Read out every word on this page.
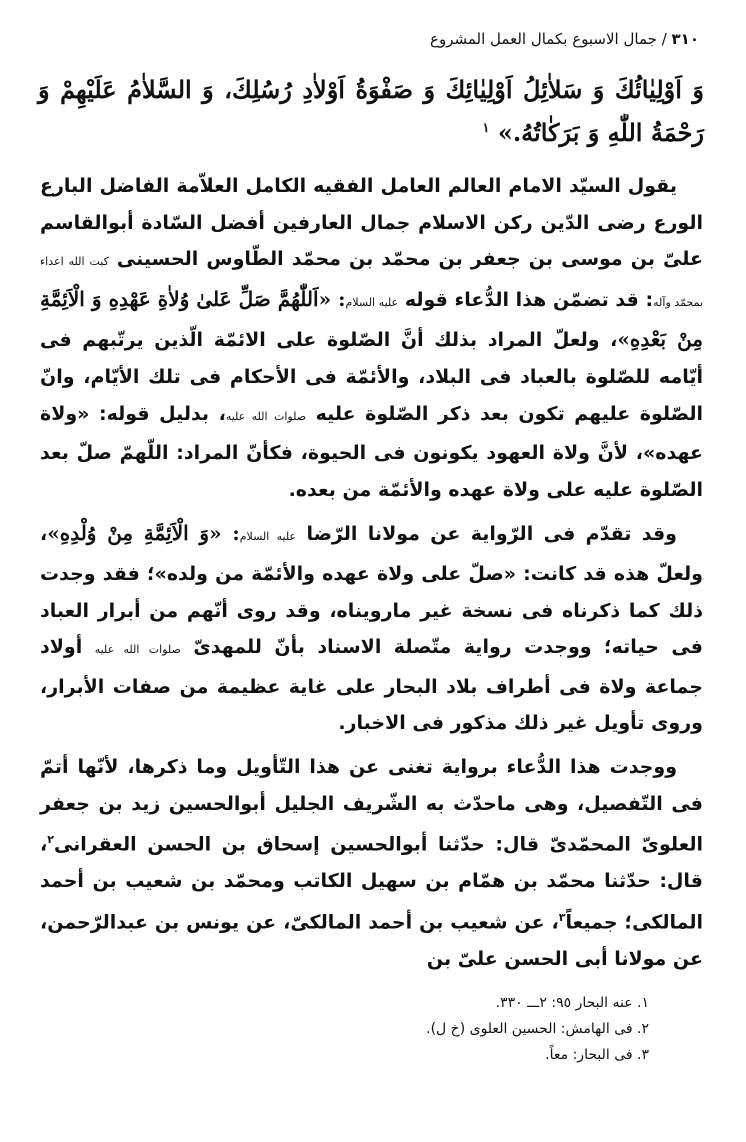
٣١٠ / جمال الاسبوع بكمال العمل المشروع
وَ اَوْلِيٰائُكَ وَ سَلاٰئِلُ اَوْلِيٰائِكَ وَ صَفْوَةُ اَوْلاٰدِ رُسُلِكَ، وَ السَّلاٰمُ عَلَيْهِمْ وَ رَحْمَةُ اللّٰهِ وَ بَرَكٰاتُهُ.» $^١$

يقول السيّد الامام العالم العامل الفقيه الكامل العلاّمة الفاضل البارع الورع رضى الدّين ركن الاسلام جمال العارفين أفضل السّادة أبوالقاسم علىّ بن موسى بن جعفر بن محمّد بن محمّد الطّاوس الحسينى كبت الله اعداء بمحمّد وآله: قد تضمّن هذا الدُّعاء قوله عليه السلام: «اَللّٰهُمَّ صَلِّ عَلىٰ وُلاٰةِ عَهْدِهِ وَ الْاَئِمَّةِ مِنْ بَعْدِهِ»، ولعلّ المراد بذلك أنَّ الصّلوة على الائمّة الّذين يرتّبهم فى أيّامه للصّلوة بالعباد فى البلاد، والأئمّة فى الأحكام فى تلك الأيّام، وانّ الصّلوة عليهم تكون بعد ذكر الصّلوة عليه صلوات الله عليه، بدليل قوله: «ولاة عهده»، لأنَّ ولاة العهود يكونون فى الحيوة، فكأنّ المراد: اللّهمّ صلّ بعد الصّلوة عليه على ولاة عهده والأئمّة من بعده.

وقد تقدّم فى الرّواية عن مولانا الرّضا عليه السلام: «وَ الْاَئِمَّةِ مِنْ وُلْدِهِ»، ولعلّ هذه قد كانت: «صلّ على ولاة عهده والأئمّة من ولده»؛ فقد وجدت ذلك كما ذكرناه فى نسخة غير مارويناه، وقد روى أنّهم من أبرار العباد فى حياته؛ ووجدت رواية متّصلة الاسناد بأنّ للمهدىّ صلوات الله عليه أولاد جماعة ولاة فى أطراف بلاد البحار على غاية عظيمة من صفات الأبرار، وروى تأويل غير ذلك مذكور فى الاخبار.

ووجدت هذا الدُّعاء برواية تغنى عن هذا التّأويل وما ذكرها، لأنّها أتمّ فى التّفصيل، وهى ماحدّث به الشّريف الجليل أبوالحسين زيد بن جعفر العلوىّ المحمّدىّ قال: حدّثنا أبوالحسين إسحاق بن الحسن العقرانى$^٢$، قال: حدّثنا محمّد بن همّام بن سهيل الكاتب ومحمّد بن شعيب بن أحمد المالكى؛ جميعاً$^٣$، عن شعيب بن أحمد المالكىّ، عن يونس بن عبدالرّحمن، عن مولانا أبى الحسن علىّ بن

١. عنه البحار ٩٥: ٢ـــ ٣٣٠.
٢. فى الهامش: الحسين العلوى (خ ل).
٣. فى البحار: معاً.
